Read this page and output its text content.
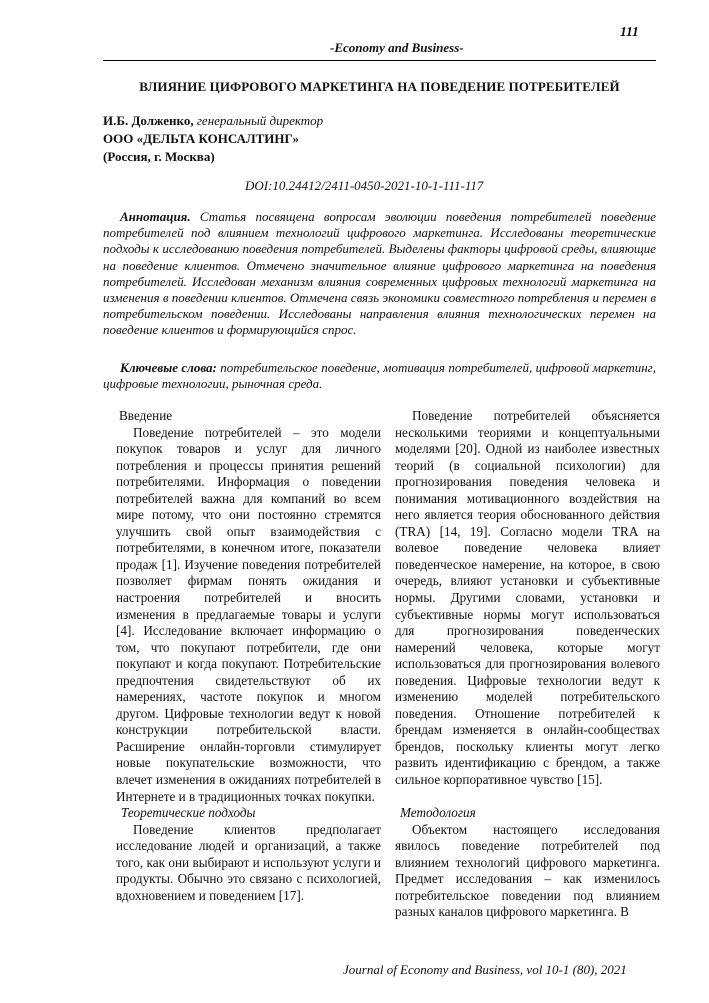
111
-Economy and Business-
ВЛИЯНИЕ ЦИФРОВОГО МАРКЕТИНГА НА ПОВЕДЕНИЕ ПОТРЕБИТЕЛЕЙ
И.Б. Долженко, генеральный директор
ООО «ДЕЛЬТА КОНСАЛТИНГ»
(Россия, г. Москва)
DOI:10.24412/2411-0450-2021-10-1-111-117

Аннотация. Статья посвящена вопросам эволюции поведения потребителей поведение потребителей под влиянием технологий цифрового маркетинга. Исследованы теоретические подходы к исследованию поведения потребителей. Выделены факторы цифровой среды, влияющие на поведение клиентов. Отмечено значительное влияние цифрового маркетинга на поведения потребителей. Исследован механизм влияния современных цифровых технологий маркетинга на изменения в поведении клиентов. Отмечена связь экономики совместного потребления и перемен в потребительском поведении. Исследованы направления влияния технологических перемен на поведение клиентов и формирующийся спрос.

Ключевые слова: потребительское поведение, мотивация потребителей, цифровой маркетинг, цифровые технологии, рыночная среда.

Введение

Поведение потребителей – это модели покупок товаров и услуг для личного потребления и процессы принятия решений потребителями. Информация о поведении потребителей важна для компаний во всем мире потому, что они постоянно стремятся улучшить свой опыт взаимодействия с потребителями, в конечном итоге, показатели продаж [1]. Изучение поведения потребителей позволяет фирмам понять ожидания и настроения потребителей и вносить изменения в предлагаемые товары и услуги [4]. Исследование включает информацию о том, что покупают потребители, где они покупают и когда покупают. Потребительские предпочтения свидетельствуют об их намерениях, частоте покупок и многом другом. Цифровые технологии ведут к новой конструкции потребительской власти. Расширение онлайн-торговли стимулирует новые покупательские возможности, что влечет изменения в ожиданиях потребителей в Интернете и в традиционных точках покупки.

Теоретические подходы

Поведение клиентов предполагает исследование людей и организаций, а также того, как они выбирают и используют услуги и продукты. Обычно это связано с психологией, вдохновением и поведением [17].

Поведение потребителей объясняется несколькими теориями и концептуальными моделями [20]. Одной из наиболее известных теорий (в социальной психологии) для прогнозирования поведения человека и понимания мотивационного воздействия на него является теория обоснованного действия (TRA) [14, 19]. Согласно модели TRA на волевое поведение человека влияет поведенческое намерение, на которое, в свою очередь, влияют установки и субъективные нормы. Другими словами, установки и субъективные нормы могут использоваться для прогнозирования поведенческих намерений человека, которые могут использоваться для прогнозирования волевого поведения. Цифровые технологии ведут к изменению моделей потребительского поведения. Отношение потребителей к брендам изменяется в онлайн-сообществах брендов, поскольку клиенты могут легко развить идентификацию с брендом, а также сильное корпоративное чувство [15].

Методология

Объектом настоящего исследования явилось поведение потребителей под влиянием технологий цифрового маркетинга. Предмет исследования – как изменилось потребительское поведении под влиянием разных каналов цифрового маркетинга. В

Journal of Economy and Business, vol 10-1 (80), 2021
